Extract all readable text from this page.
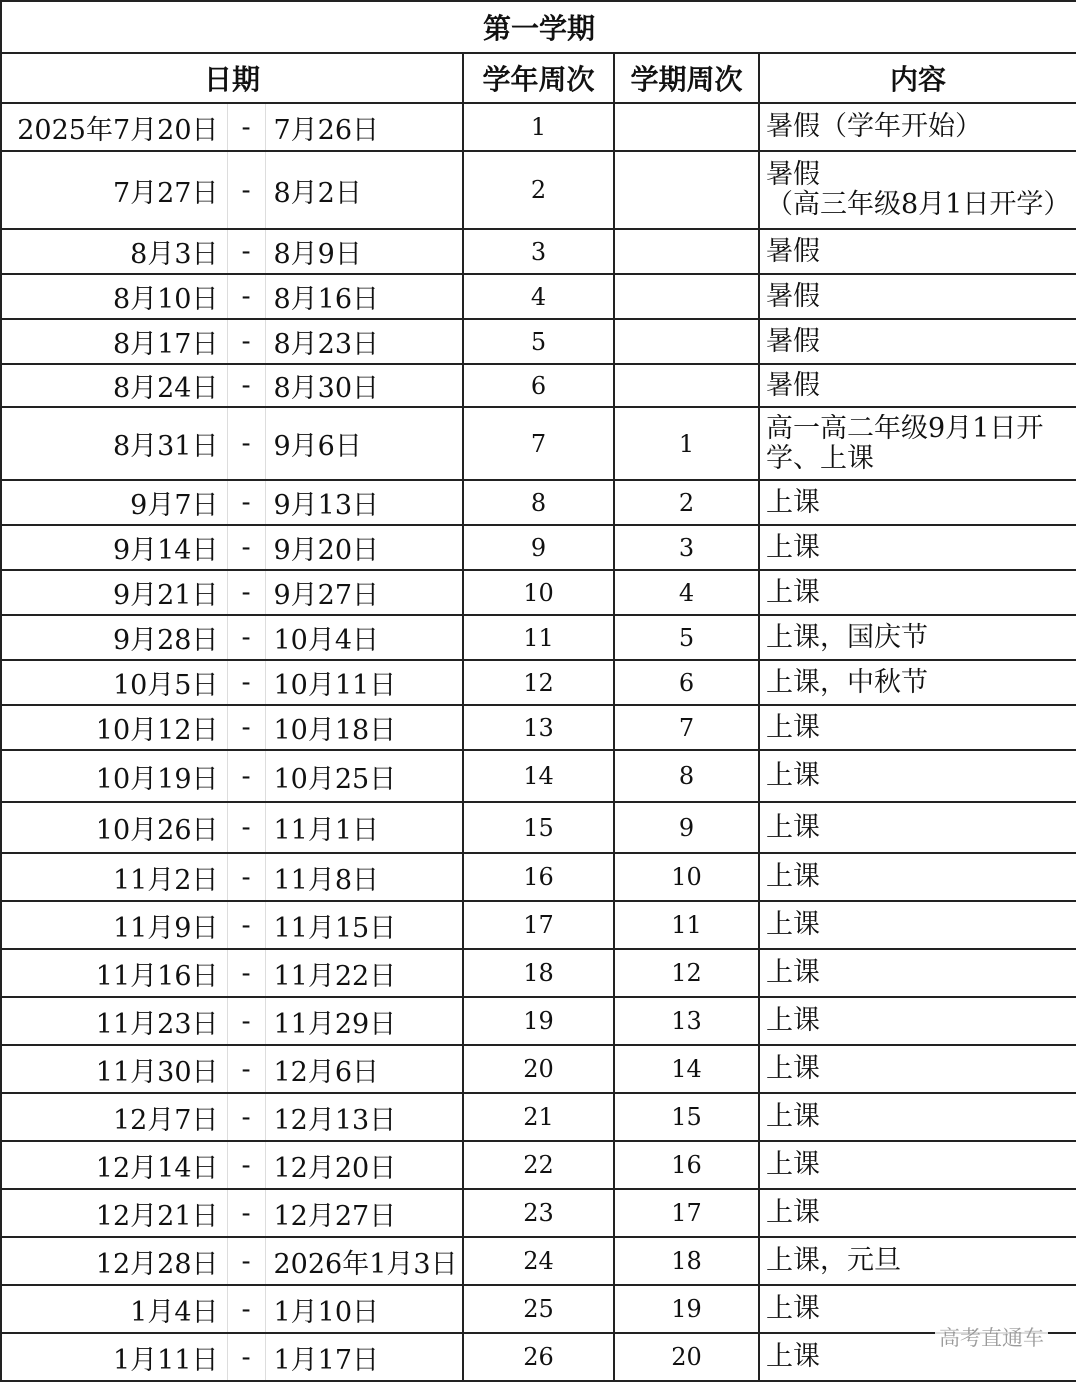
第一学期					
日期			学年周次	学期周次	内容
2025年7月20日	-	7月26日	1		暑假（学年开始）
7月27日	-	8月2日	2		暑假
（高三年级8月1日开学）

8月3日	-	8月9日	3		暑假
8月10日	-	8月16日	4		暑假
8月17日	-	8月23日	5		暑假
8月24日	-	8月30日	6		暑假
8月31日	-	9月6日	7	1	高一高二年级9月1日开学、上课

9月7日	-	9月13日	8	2	上课
9月14日	-	9月20日	9	3	上课
9月21日	-	9月27日	10	4	上课
9月28日	-	10月4日	11	5	上课，国庆节
10月5日	-	10月11日	12	6	上课，中秋节
10月12日	-	10月18日	13	7	上课
10月19日	-	10月25日	14	8	上课
10月26日	-	11月1日	15	9	上课
11月2日	-	11月8日	16	10	上课
11月9日	-	11月15日	17	11	上课
11月16日	-	11月22日	18	12	上课
11月23日	-	11月29日	19	13	上课
11月30日	-	12月6日	20	14	上课
12月7日	-	12月13日	21	15	上课
12月14日	-	12月20日	22	16	上课
12月21日	-	12月27日	23	17	上课
12月28日	-	2026年1月3日	24	18	上课，元旦
1月4日	-	1月10日	25	19	上课
1月11日	-	1月17日	26	20	上课
高考直通车
